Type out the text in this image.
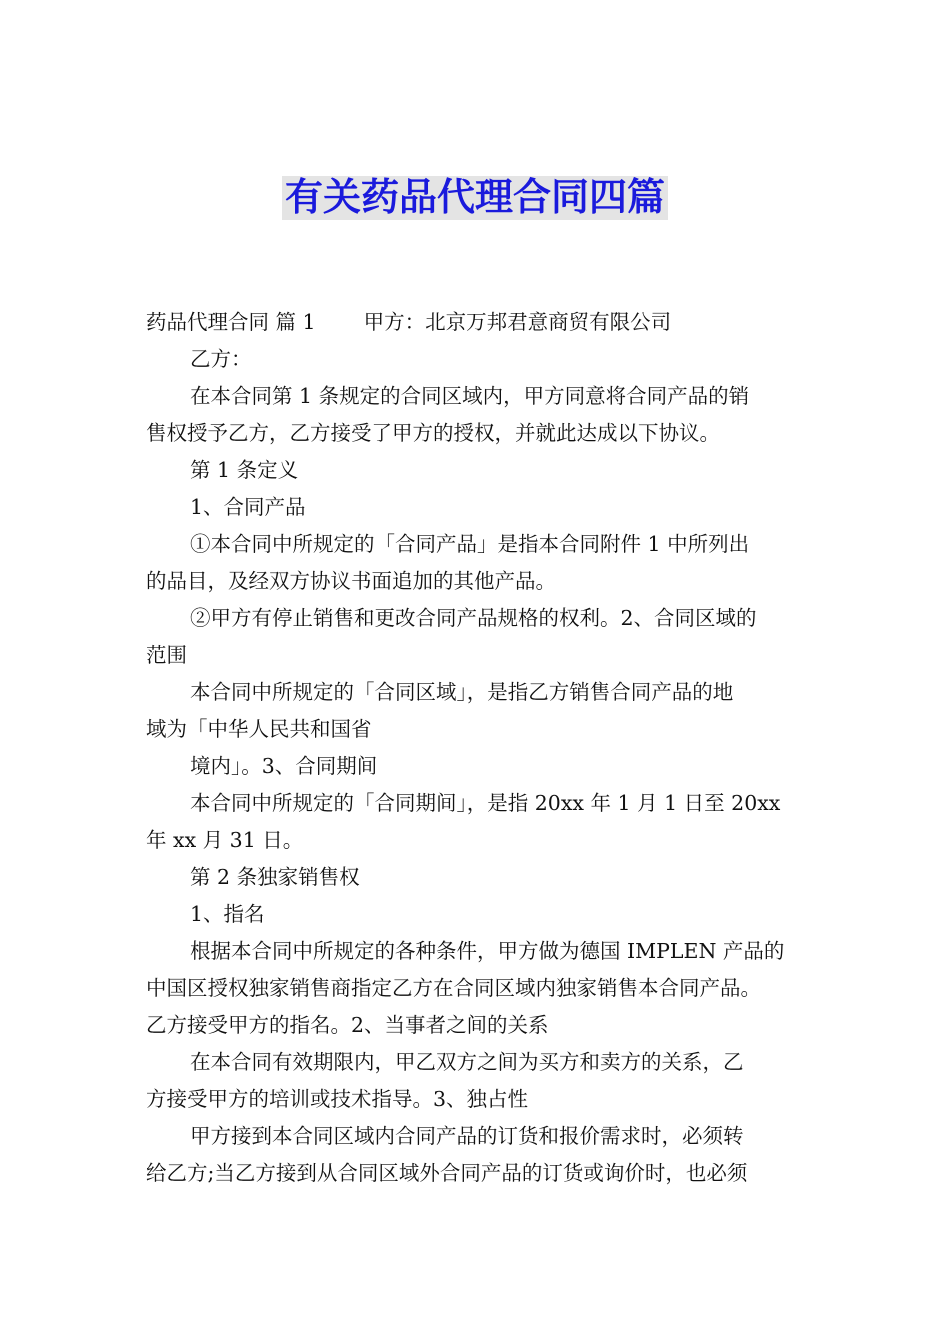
有关药品代理合同四篇

药品代理合同 篇 1 甲方：北京万邦君意商贸有限公司

乙方：

在本合同第 1 条规定的合同区域内，甲方同意将合同产品的销

售权授予乙方，乙方接受了甲方的授权，并就此达成以下协议。

第 1 条定义

1、合同产品

①本合同中所规定的「合同产品」是指本合同附件 1 中所列出

的品目，及经双方协议书面追加的其他产品。

②甲方有停止销售和更改合同产品规格的权利。2、合同区域的

范围

本合同中所规定的「合同区域」，是指乙方销售合同产品的地

域为「中华人民共和国省

境内」。3、合同期间

本合同中所规定的「合同期间」，是指 20xx 年 1 月 1 日至 20xx

年 xx 月 31 日。

第 2 条独家销售权

1、指名

根据本合同中所规定的各种条件，甲方做为德国 IMPLEN 产品的

中国区授权独家销售商指定乙方在合同区域内独家销售本合同产品。

乙方接受甲方的指名。2、当事者之间的关系

在本合同有效期限内，甲乙双方之间为买方和卖方的关系，乙

方接受甲方的培训或技术指导。3、独占性

甲方接到本合同区域内合同产品的订货和报价需求时，必须转

给乙方;当乙方接到从合同区域外合同产品的订货或询价时，也必须
